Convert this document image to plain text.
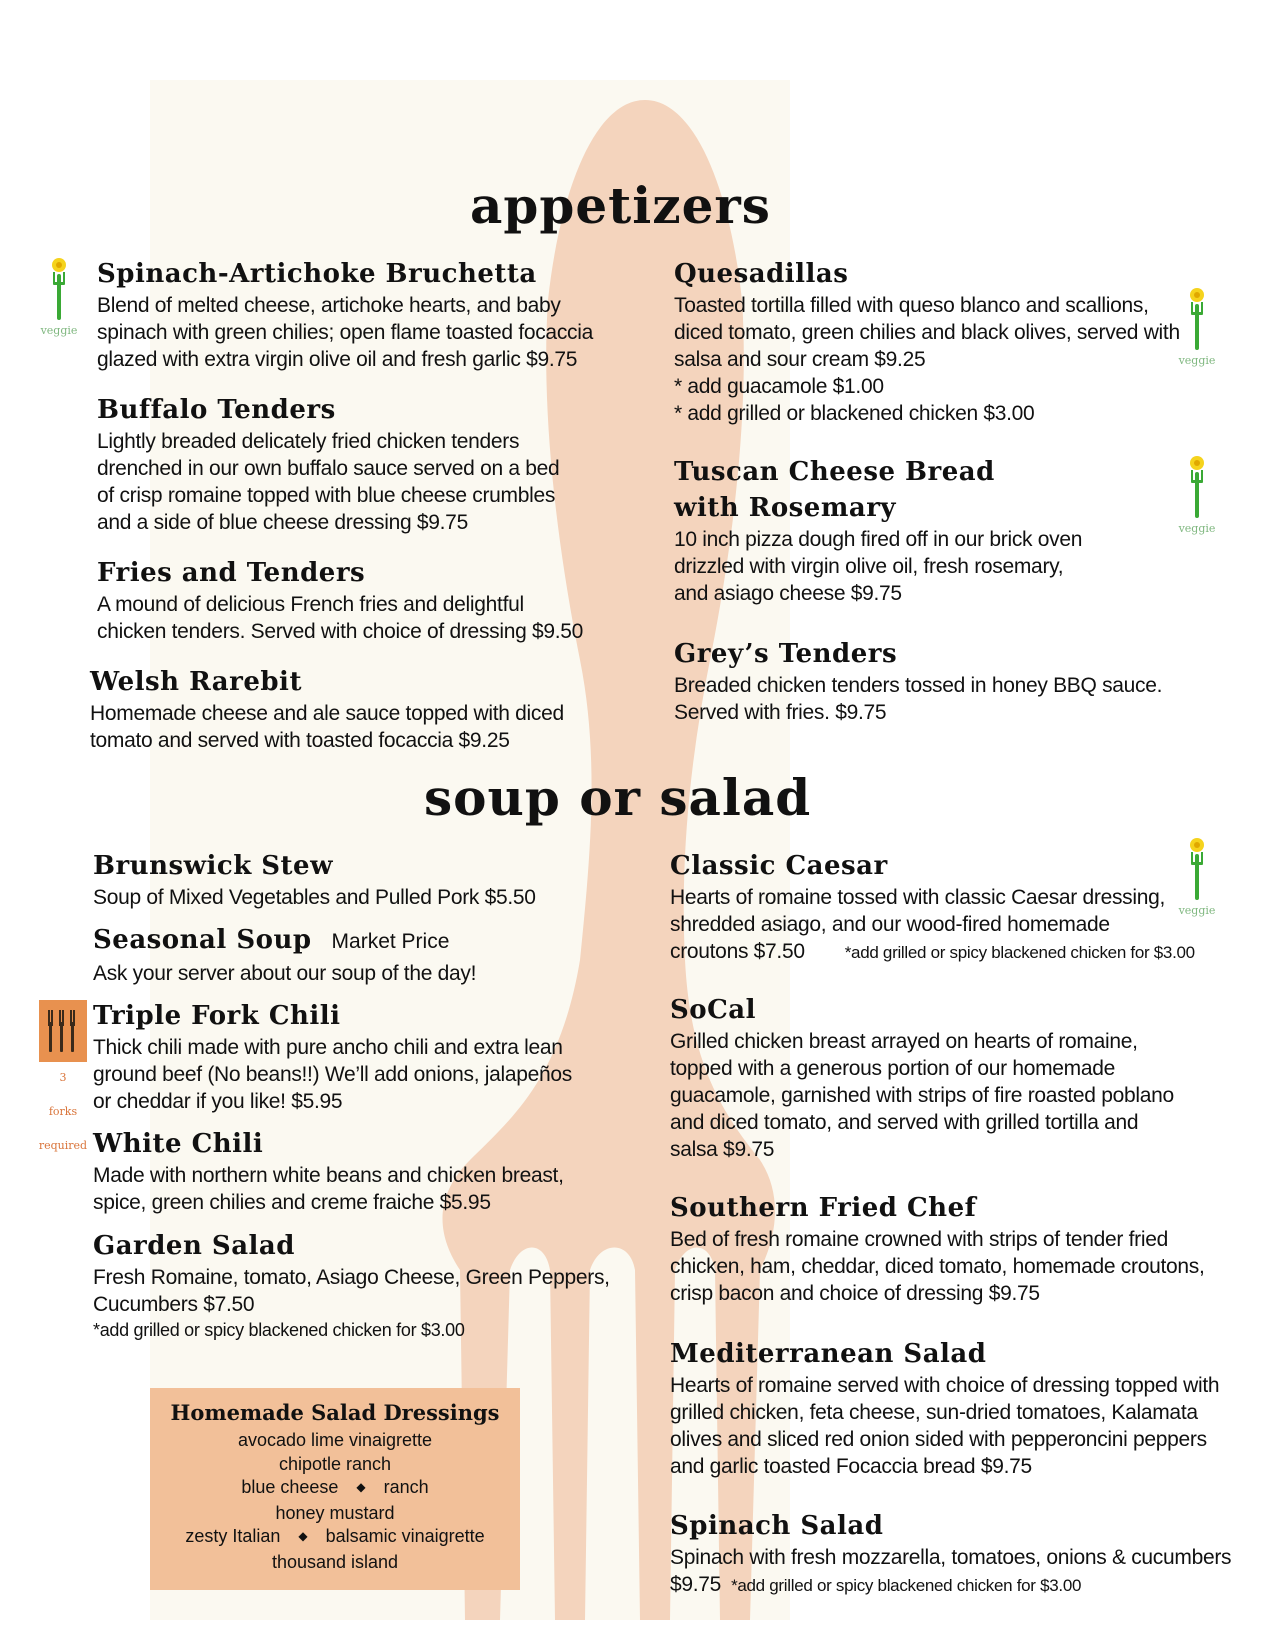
appetizers
Spinach-Artichoke Bruchetta

Blend of melted cheese, artichoke hearts, and baby
spinach with green chilies; open flame toasted focaccia
glazed with extra virgin olive oil and fresh garlic $9.75

Buffalo Tenders

Lightly breaded delicately fried chicken tenders
drenched in our own buffalo sauce served on a bed
of crisp romaine topped with blue cheese crumbles
and a side of blue cheese dressing $9.75

Fries and Tenders

A mound of delicious French fries and delightful
chicken tenders. Served with choice of dressing $9.50

Welsh Rarebit

Homemade cheese and ale sauce topped with diced
tomato and served with toasted focaccia $9.25

Quesadillas

Toasted tortilla filled with queso blanco and scallions,
diced tomato, green chilies and black olives, served with
salsa and sour cream $9.25
* add guacamole $1.00
* add grilled or blackened chicken $3.00

Tuscan Cheese Bread
with Rosemary

10 inch pizza dough fired off in our brick oven
drizzled with virgin olive oil, fresh rosemary,
and asiago cheese $9.75

Grey’s Tenders

Breaded chicken tenders tossed in honey BBQ sauce.
Served with fries. $9.75

soup or salad
Brunswick Stew

Soup of Mixed Vegetables and Pulled Pork $5.50

Seasonal Soup Market Price

Ask your server about our soup of the day!

Triple Fork Chili

Thick chili made with pure ancho chili and extra lean
ground beef (No beans!!) We’ll add onions, jalapeños
or cheddar if you like! $5.95

White Chili

Made with northern white beans and chicken breast,
spice, green chilies and creme fraiche $5.95

Garden Salad

Fresh Romaine, tomato, Asiago Cheese, Green Peppers,
Cucumbers $7.50

*add grilled or spicy blackened chicken for $3.00

Classic Caesar

Hearts of romaine tossed with classic Caesar dressing,
shredded asiago, and our wood-fired homemade
croutons $7.50 *add grilled or spicy blackened chicken for $3.00

SoCal

Grilled chicken breast arrayed on hearts of romaine,
topped with a generous portion of our homemade
guacamole, garnished with strips of fire roasted poblano
and diced tomato, and served with grilled tortilla and
salsa $9.75

Southern Fried Chef

Bed of fresh romaine crowned with strips of tender fried
chicken, ham, cheddar, diced tomato, homemade croutons,
crisp bacon and choice of dressing $9.75

Mediterranean Salad

Hearts of romaine served with choice of dressing topped with
grilled chicken, feta cheese, sun-dried tomatoes, Kalamata
olives and sliced red onion sided with pepperoncini peppers
and garlic toasted Focaccia bread $9.75

Spinach Salad

Spinach with fresh mozzarella, tomatoes, onions & cucumbers
$9.75 *add grilled or spicy blackened chicken for $3.00

veggie
veggie
veggie
veggie
3

forks

required
Homemade Salad Dressings
avocado lime vinaigrette
chipotle ranch
blue cheese ◆ ranch
honey mustard
zesty Italian ◆ balsamic vinaigrette
thousand island
